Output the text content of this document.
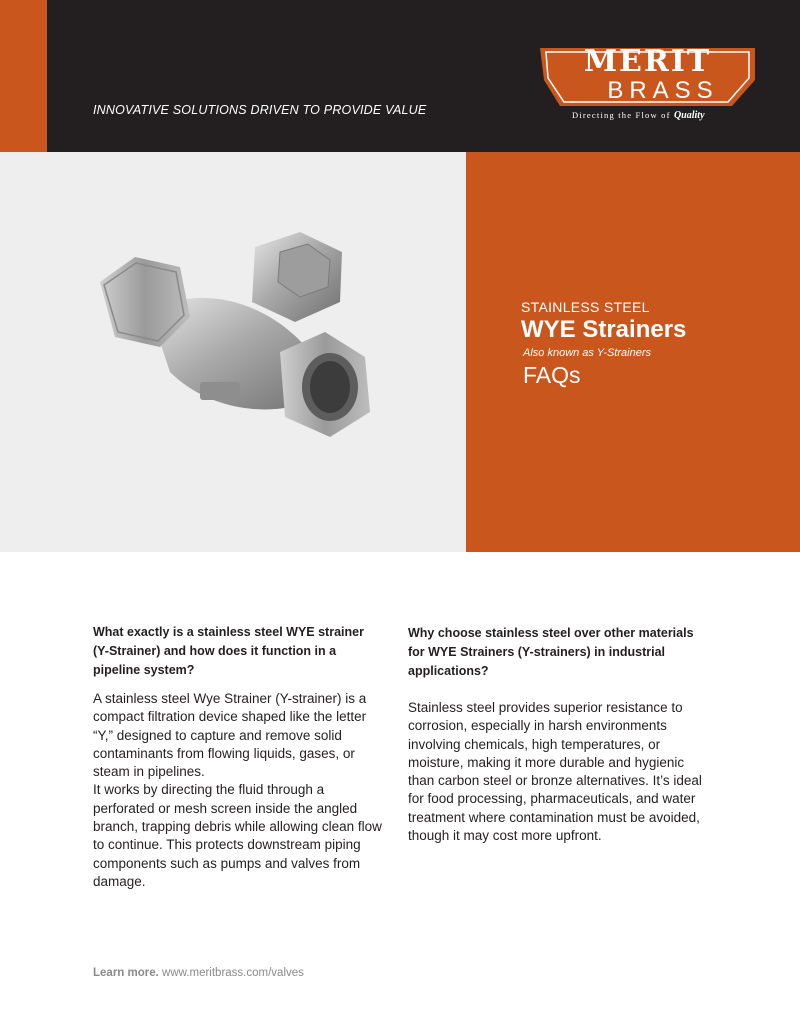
INNOVATIVE SOLUTIONS DRIVEN TO PROVIDE VALUE
MERIT
BRASS
Directing the Flow of Quality
STAINLESS STEEL
WYE Strainers
Also known as Y-Strainers
FAQs

What exactly is a stainless steel WYE strainer (Y-Strainer) and how does it function in a pipeline system?

A stainless steel Wye Strainer (Y-strainer) is a compact filtration device shaped like the letter “Y,” designed to capture and remove solid contaminants from flowing liquids, gases, or steam in pipelines.

It works by directing the fluid through a perforated or mesh screen inside the angled branch, trapping debris while allowing clean flow to continue. This protects downstream piping components such as pumps and valves from damage.

Why choose stainless steel over other materials for WYE Strainers (Y-strainers) in industrial applications?

Stainless steel provides superior resistance to corrosion, especially in harsh environments involving chemicals, high temperatures, or moisture, making it more durable and hygienic than carbon steel or bronze alternatives. It’s ideal for food processing, pharmaceuticals, and water treatment where contamination must be avoided, though it may cost more upfront.

Learn more. www.meritbrass.com/valves
